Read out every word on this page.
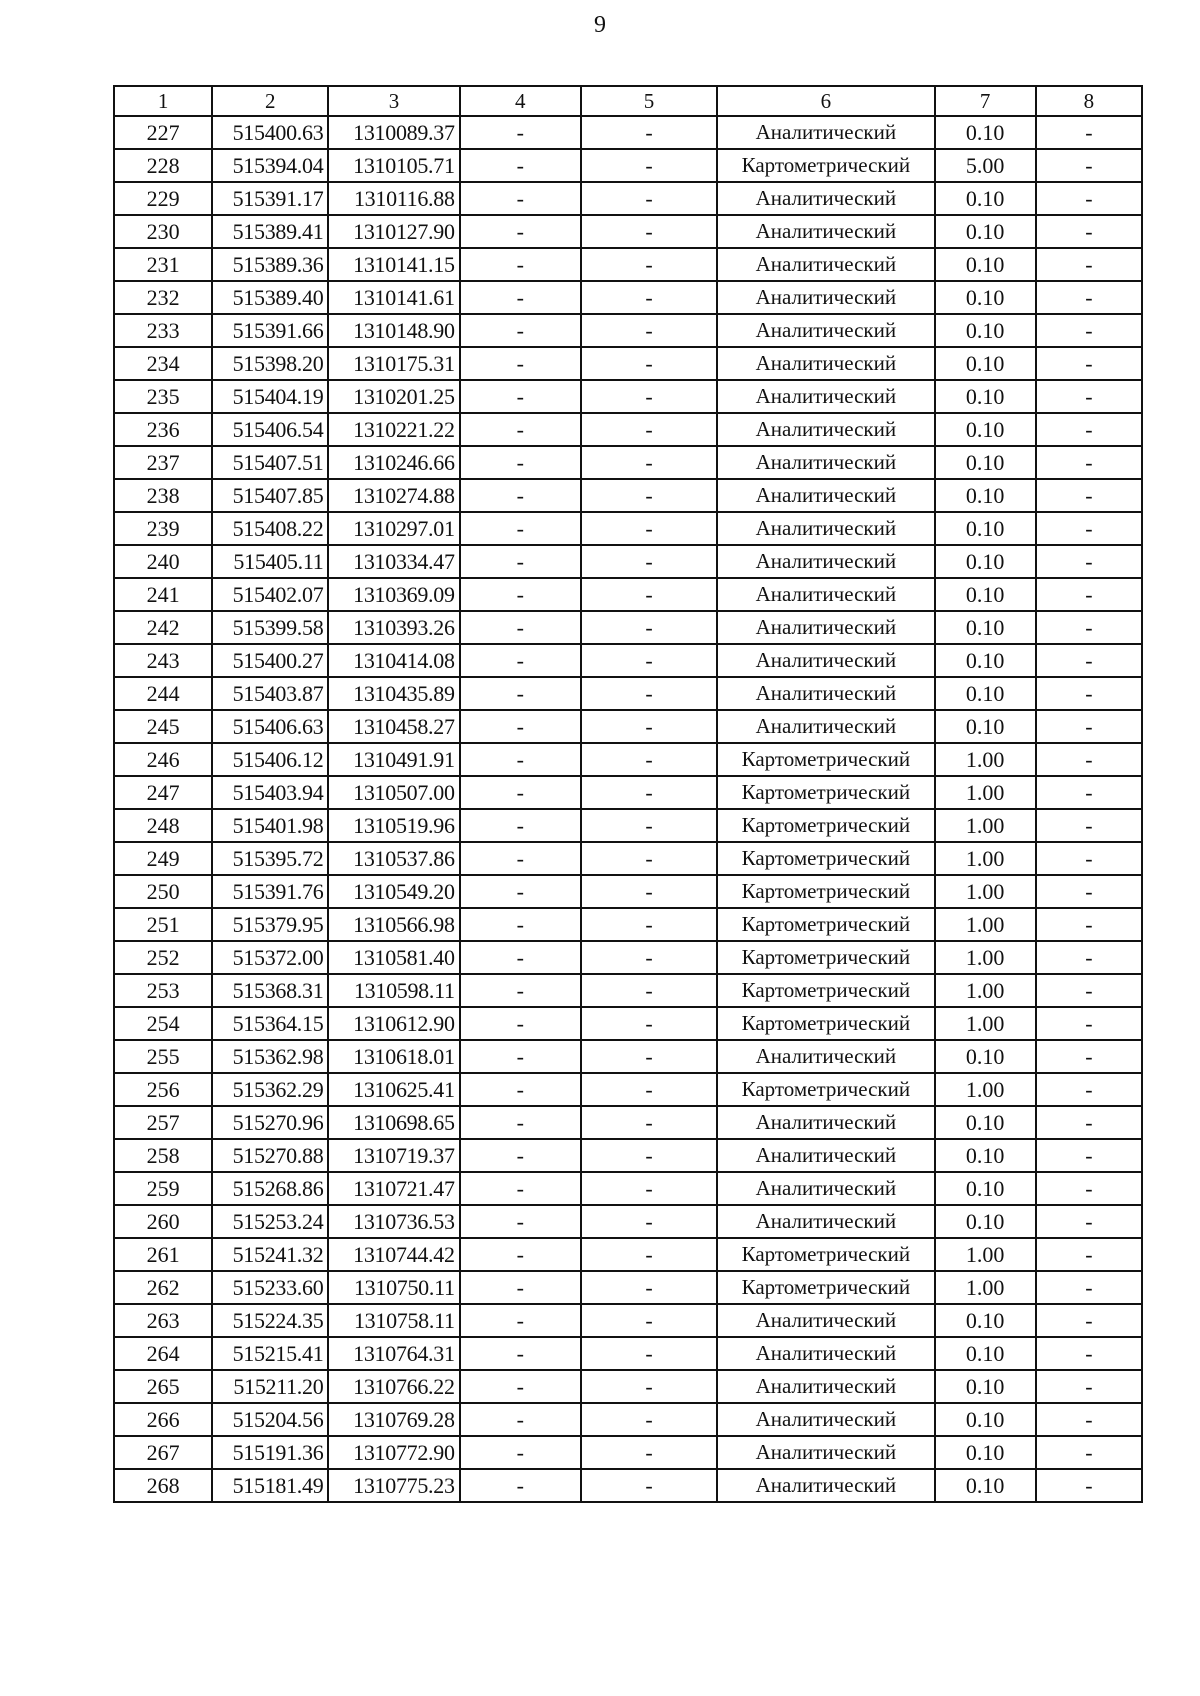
9
1	2	3	4	5	6	7	8
227	515400.63	1310089.37	-	-	Аналитический	0.10	-
228	515394.04	1310105.71	-	-	Картометрический	5.00	-
229	515391.17	1310116.88	-	-	Аналитический	0.10	-
230	515389.41	1310127.90	-	-	Аналитический	0.10	-
231	515389.36	1310141.15	-	-	Аналитический	0.10	-
232	515389.40	1310141.61	-	-	Аналитический	0.10	-
233	515391.66	1310148.90	-	-	Аналитический	0.10	-
234	515398.20	1310175.31	-	-	Аналитический	0.10	-
235	515404.19	1310201.25	-	-	Аналитический	0.10	-
236	515406.54	1310221.22	-	-	Аналитический	0.10	-
237	515407.51	1310246.66	-	-	Аналитический	0.10	-
238	515407.85	1310274.88	-	-	Аналитический	0.10	-
239	515408.22	1310297.01	-	-	Аналитический	0.10	-
240	515405.11	1310334.47	-	-	Аналитический	0.10	-
241	515402.07	1310369.09	-	-	Аналитический	0.10	-
242	515399.58	1310393.26	-	-	Аналитический	0.10	-
243	515400.27	1310414.08	-	-	Аналитический	0.10	-
244	515403.87	1310435.89	-	-	Аналитический	0.10	-
245	515406.63	1310458.27	-	-	Аналитический	0.10	-
246	515406.12	1310491.91	-	-	Картометрический	1.00	-
247	515403.94	1310507.00	-	-	Картометрический	1.00	-
248	515401.98	1310519.96	-	-	Картометрический	1.00	-
249	515395.72	1310537.86	-	-	Картометрический	1.00	-
250	515391.76	1310549.20	-	-	Картометрический	1.00	-
251	515379.95	1310566.98	-	-	Картометрический	1.00	-
252	515372.00	1310581.40	-	-	Картометрический	1.00	-
253	515368.31	1310598.11	-	-	Картометрический	1.00	-
254	515364.15	1310612.90	-	-	Картометрический	1.00	-
255	515362.98	1310618.01	-	-	Аналитический	0.10	-
256	515362.29	1310625.41	-	-	Картометрический	1.00	-
257	515270.96	1310698.65	-	-	Аналитический	0.10	-
258	515270.88	1310719.37	-	-	Аналитический	0.10	-
259	515268.86	1310721.47	-	-	Аналитический	0.10	-
260	515253.24	1310736.53	-	-	Аналитический	0.10	-
261	515241.32	1310744.42	-	-	Картометрический	1.00	-
262	515233.60	1310750.11	-	-	Картометрический	1.00	-
263	515224.35	1310758.11	-	-	Аналитический	0.10	-
264	515215.41	1310764.31	-	-	Аналитический	0.10	-
265	515211.20	1310766.22	-	-	Аналитический	0.10	-
266	515204.56	1310769.28	-	-	Аналитический	0.10	-
267	515191.36	1310772.90	-	-	Аналитический	0.10	-
268	515181.49	1310775.23	-	-	Аналитический	0.10	-
